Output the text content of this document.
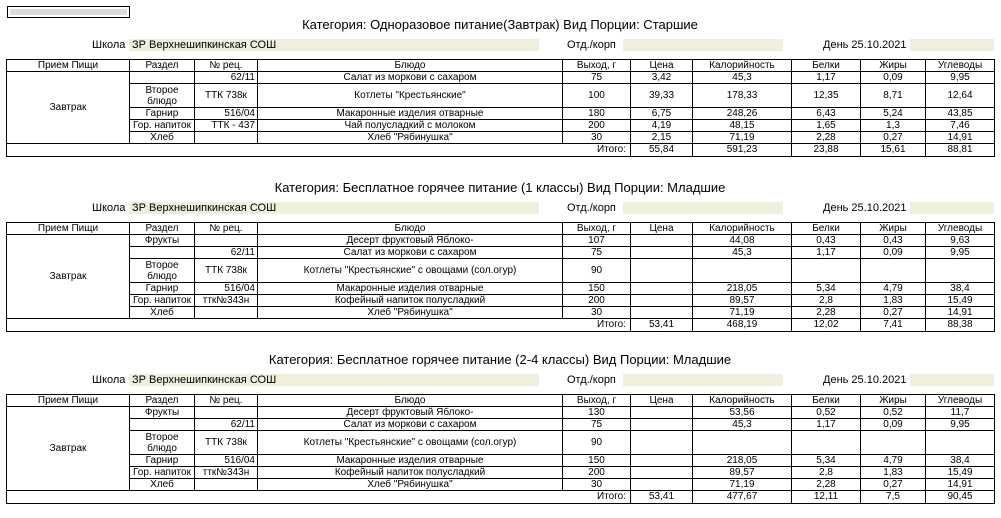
Категория: Одноразовое питание(Завтрак) Вид Порции: Старшие
Школа ЗР Верхнешипкинская СОШ	Отд./корп	День 25.10.2021
Прием Пищи	Раздел	№ рец.	Блюдо	Выход, г	Цена	Калорийность	Белки	Жиры	Углеводы
Завтрак		62/11	Салат из моркови с сахаром	75	3,42	45,3	1,17	0,09	9,95
	Второе блюдо	ТТК 738к	Котлеты "Крестьянские"	100	39,33	178,33	12,35	8,71	12,64
	Гарнир	516/04	Макаронные изделия отварные	180	6,75	248,26	6,43	5,24	43,85
	Гор. напиток	ТТК - 437	Чай полусладкий с молоком	200	4,19	48,15	1,65	1,3	7,46
	Хлеб		Хлеб "Рябинушка"	30	2,15	71,19	2,28	0,27	14,91
Итого:					55,84	591,23	23,88	15,61	88,81
Категория: Бесплатное горячее питание (1 классы) Вид Порции: Младшие
Школа ЗР Верхнешипкинская СОШ	Отд./корп	День 25.10.2021
Прием Пищи	Раздел	№ рец.	Блюдо	Выход, г	Цена	Калорийность	Белки	Жиры	Углеводы
Завтрак	Фрукты		Десерт фруктовый Яблоко-	107		44,08	0,43	0,43	9,63
		62/11	Салат из моркови с сахаром	75		45,3	1,17	0,09	9,95
	Второе блюдо	ТТК 738к	Котлеты "Крестьянские" с овощами (сол.огур)	90					
	Гарнир	516/04	Макаронные изделия отварные	150		218,05	5,34	4,79	38,4
	Гор. напиток	ттк№343н	Кофейный напиток полусладкий	200		89,57	2,8	1,83	15,49
	Хлеб		Хлеб "Рябинушка"	30		71,19	2,28	0,27	14,91
Итого:					53,41	468,19	12,02	7,41	88,38
Категория: Бесплатное горячее питание (2-4 классы) Вид Порции: Младшие
Школа ЗР Верхнешипкинская СОШ	Отд./корп	День 25.10.2021
Прием Пищи	Раздел	№ рец.	Блюдо	Выход, г	Цена	Калорийность	Белки	Жиры	Углеводы
Завтрак	Фрукты		Десерт фруктовый Яблоко-	130		53,56	0,52	0,52	11,7
		62/11	Салат из моркови с сахаром	75		45,3	1,17	0,09	9,95
	Второе блюдо	ТТК 738к	Котлеты "Крестьянские" с овощами (сол.огур)	90					
	Гарнир	516/04	Макаронные изделия отварные	150		218,05	5,34	4,79	38,4
	Гор. напиток	ттк№343н	Кофейный напиток полусладкий	200		89,57	2,8	1,83	15,49
	Хлеб		Хлеб "Рябинушка"	30		71,19	2,28	0,27	14,91
Итого:					53,41	477,67	12,11	7,5	90,45
